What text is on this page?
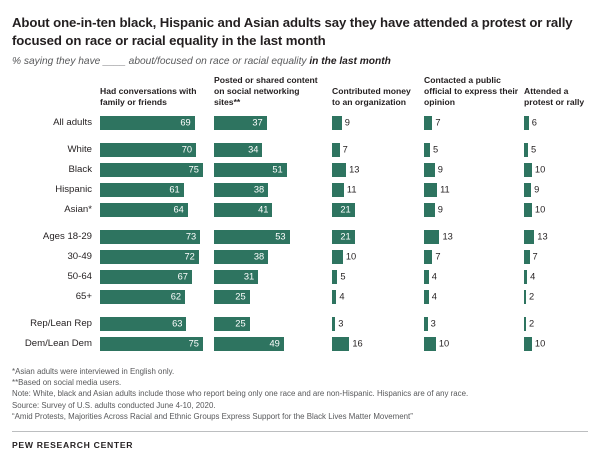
About one-in-ten black, Hispanic and Asian adults say they have attended a protest or rally focused on race or racial equality in the last month
% saying they have ____ about/focused on race or racial equality in the last month
	Had conversations with family or friends	Posted or shared content on social networking sites**	Contributed money to an organization	Contacted a public official to express their opinion	Attended a protest or rally
All adults	69	37	9	7	6

White	70	34	7	5	5

Black	75	51	13	9	10

Hispanic	61	38	11	11	9

Asian*	64	41	21	9	10

Ages 18-29	73	53	21	13	13

30-49	72	38	10	7	7

50-64	67	31	5	4	4

65+	62	25	4	4	2

Rep/Lean Rep	63	25	3	3	2

Dem/Lean Dem	75	49	16	10	10
*Asian adults were interviewed in English only.
**Based on social media users.
Note: White, black and Asian adults include those who report being only one race and are non-Hispanic. Hispanics are of any race.
Source: Survey of U.S. adults conducted June 4-10, 2020.
“Amid Protests, Majorities Across Racial and Ethnic Groups Express Support for the Black Lives Matter Movement”
PEW RESEARCH CENTER
